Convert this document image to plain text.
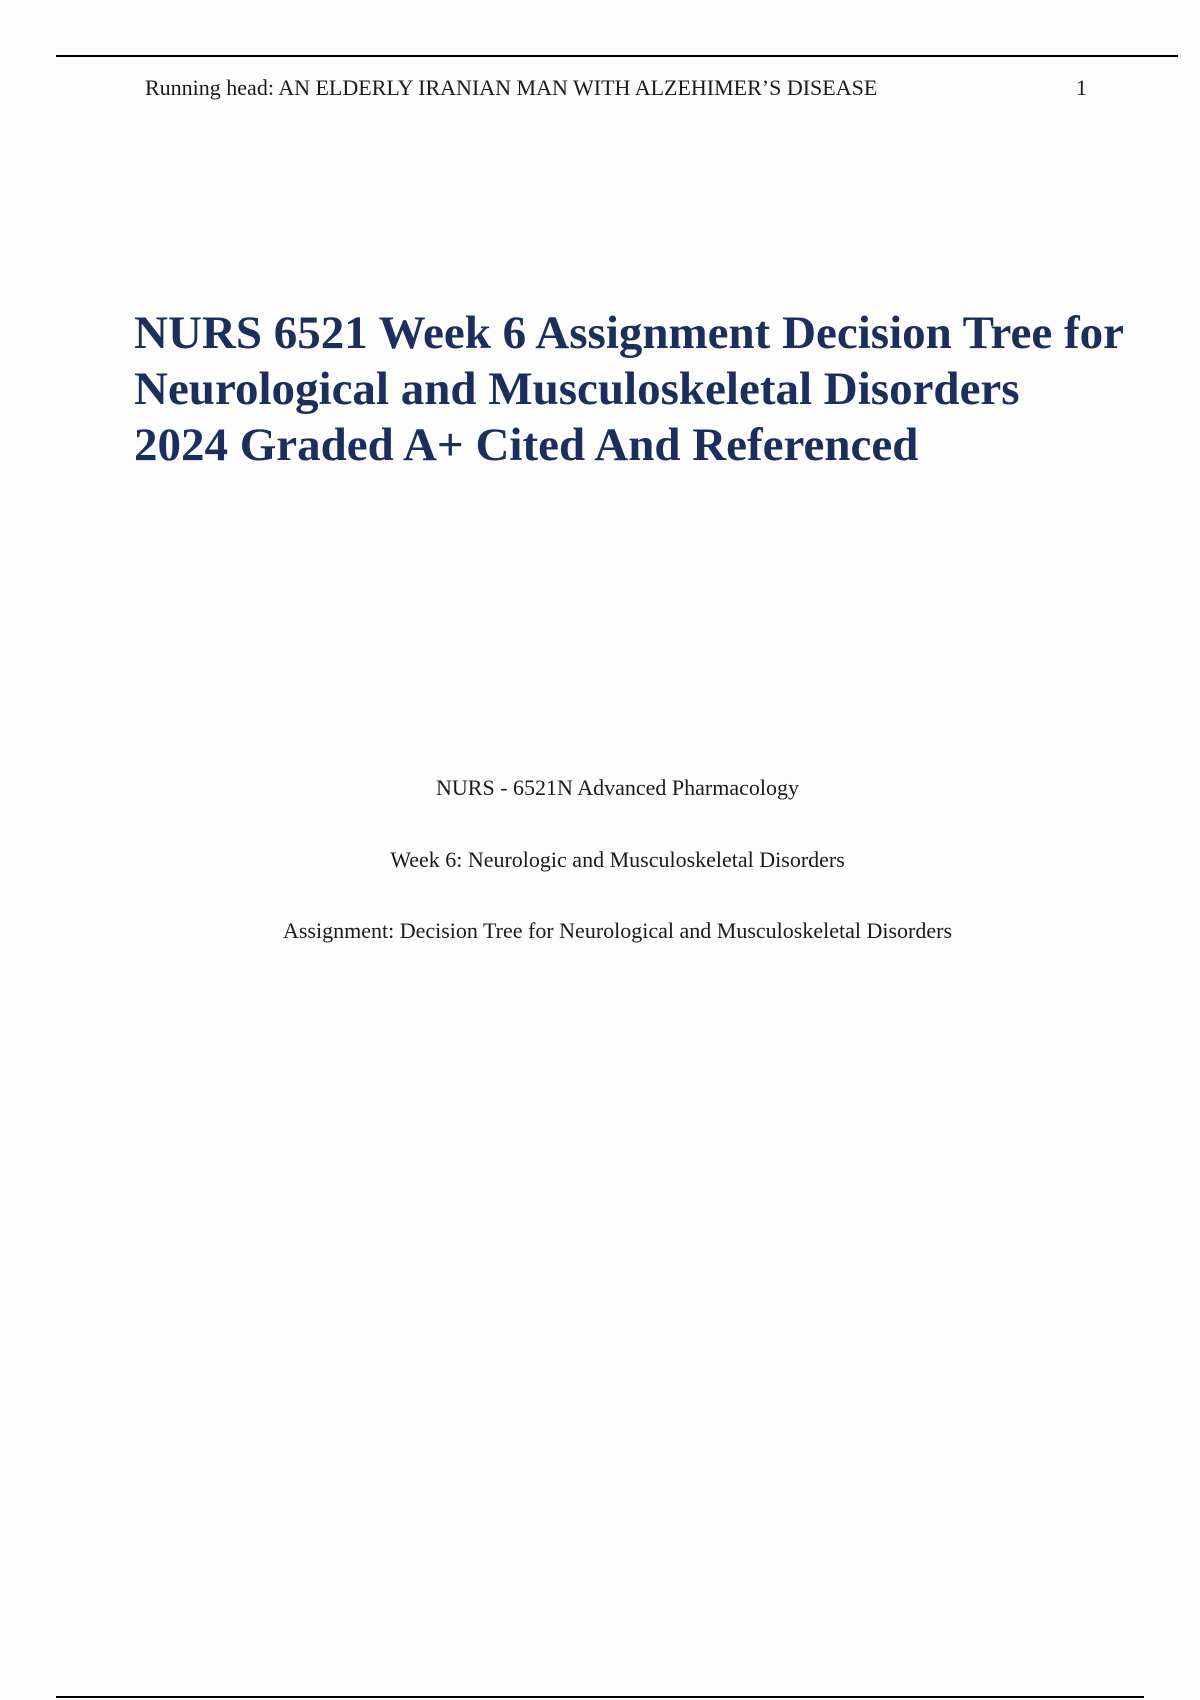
Running head: AN ELDERLY IRANIAN MAN WITH ALZEHIMER’S DISEASE	1
NURS 6521 Week 6 Assignment Decision Tree for Neurological and Musculoskeletal Disorders 2024 Graded A+ Cited And Referenced
NURS - 6521N Advanced Pharmacology
Week 6: Neurologic and Musculoskeletal Disorders
Assignment: Decision Tree for Neurological and Musculoskeletal Disorders
